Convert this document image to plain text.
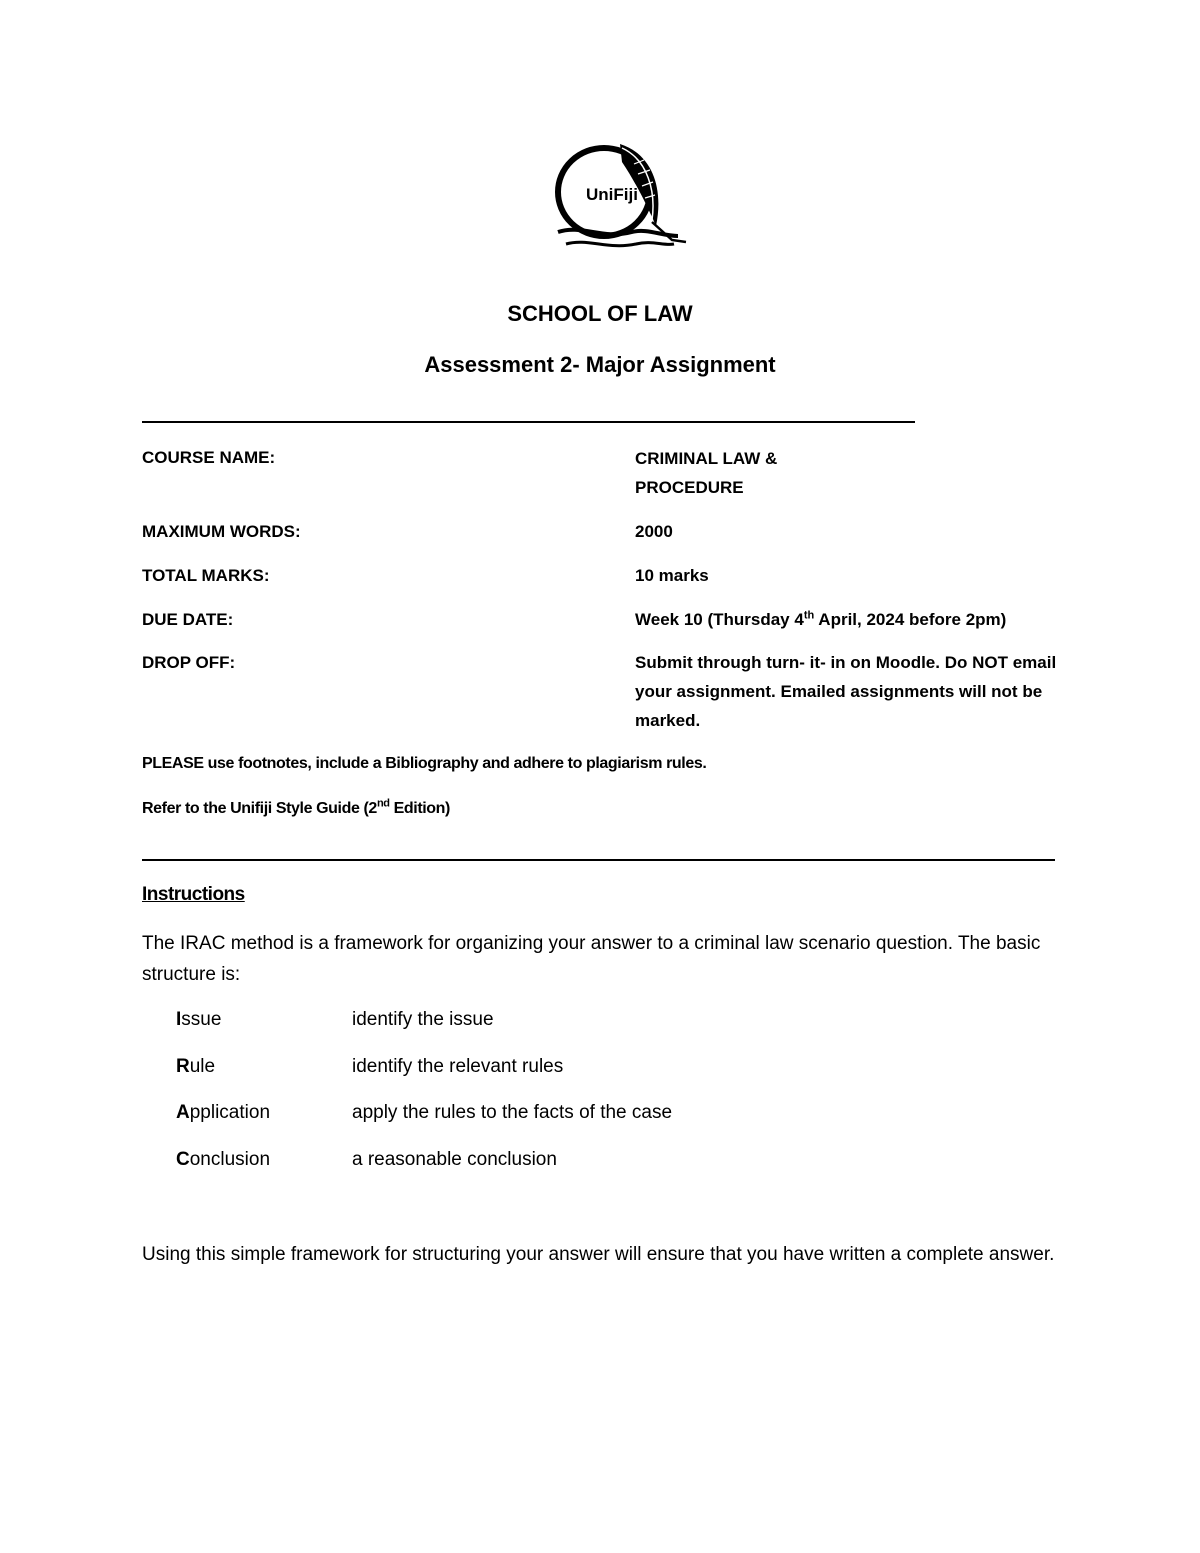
UniFiji
SCHOOL OF LAW
Assessment 2- Major Assignment
COURSE NAME:	CRIMINAL LAW & PROCEDURE
MAXIMUM WORDS:	2000
TOTAL MARKS:	10 marks
DUE DATE:	Week 10 (Thursday 4th April, 2024 before 2pm)
DROP OFF:	Submit through turn- it- in on Moodle. Do NOT email your assignment. Emailed assignments will not be marked.
PLEASE use footnotes, include a Bibliography and adhere to plagiarism rules.
Refer to the Unifiji Style Guide (2nd Edition)
Instructions
The IRAC method is a framework for organizing your answer to a criminal law scenario question. The basic structure is:
Issue	identify the issue
Rule	identify the relevant rules
Application	apply the rules to the facts of the case
Conclusion	a reasonable conclusion
Using this simple framework for structuring your answer will ensure that you have written a complete answer.
